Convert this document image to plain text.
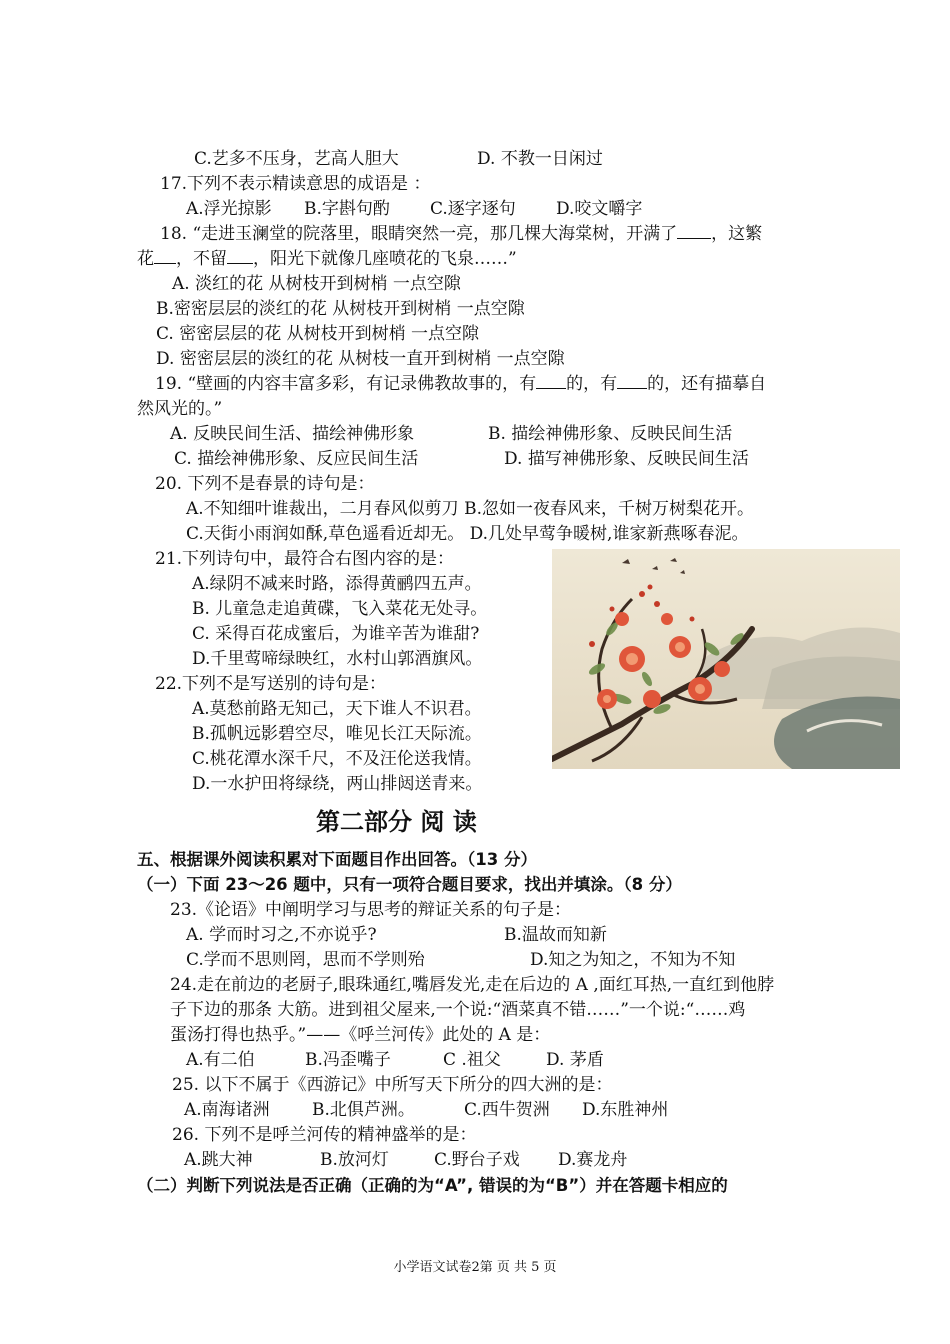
C.艺多不压身，艺高人胆大	D. 不教一日闲过
17.下列不表示精读意思的成语是 ：
A.浮光掠影 B.字斟句酌 C.逐字逐句 D.咬文嚼字
18. “走进玉澜堂的院落里，眼睛突然一亮，那几棵大海棠树，开满了 ，这繁
花 ，不留 ，阳光下就像几座喷花的飞泉……”
A. 淡红的花 从树枝开到树梢 一点空隙
B.密密层层的淡红的花 从树枝开到树梢 一点空隙
C. 密密层层的花 从树枝开到树梢 一点空隙
D. 密密层层的淡红的花 从树枝一直开到树梢 一点空隙
19. “壁画的内容丰富多彩，有记录佛教故事的，有 的，有 的，还有描摹自
然风光的。”
A. 反映民间生活、描绘神佛形象	B. 描绘神佛形象、反映民间生活
C. 描绘神佛形象、反应民间生活	D. 描写神佛形象、反映民间生活
20. 下列不是春景的诗句是：
A.不知细叶谁裁出，二月春风似剪刀 B.忽如一夜春风来，千树万树梨花开。
C.天街小雨润如酥,草色遥看近却无。 D.几处早莺争暖树,谁家新燕啄春泥。
21.下列诗句中，最符合右图内容的是：
A.绿阴不减来时路，添得黄鹂四五声。
B. 儿童急走追黄碟，飞入菜花无处寻。
C. 采得百花成蜜后，为谁辛苦为谁甜?
D.千里莺啼绿映红，水村山郭酒旗风。
22.下列不是写送别的诗句是：
A.莫愁前路无知己，天下谁人不识君。
B.孤帆远影碧空尽，唯见长江天际流。
C.桃花潭水深千尺，不及汪伦送我情。
D.一水护田将绿绕，两山排闼送青来。
第二部分 阅 读
五、根据课外阅读积累对下面题目作出回答。（13 分）
（一）下面 23～26 题中，只有一项符合题目要求，找出并填涂。（8 分）
23.《论语》中阐明学习与思考的辩证关系的句子是：
A. 学而时习之,不亦说乎?	B.温故而知新
C.学而不思则罔，思而不学则殆	D.知之为知之，不知为不知
24.走在前边的老厨子,眼珠通红,嘴唇发光,走在后边的 A ,面红耳热,一直红到他脖
子下边的那条 大筋。进到祖父屋来,一个说:“酒菜真不错……”一个说:“……鸡
蛋汤打得也热乎。”——《呼兰河传》此处的 A 是：
A.有二伯	B.冯歪嘴子	C .祖父	D. 茅盾
25. 以下不属于《西游记》中所写天下所分的四大洲的是：
A.南海诸洲 B.北俱芦洲。	C.西牛贺洲 D.东胜神州
26. 下列不是呼兰河传的精神盛举的是：
A.跳大神	B.放河灯	C.野台子戏 D.赛龙舟
（二）判断下列说法是否正确（正确的为“A”, 错误的为“B”）并在答题卡相应的
小学语文试卷2第 页 共 5 页
